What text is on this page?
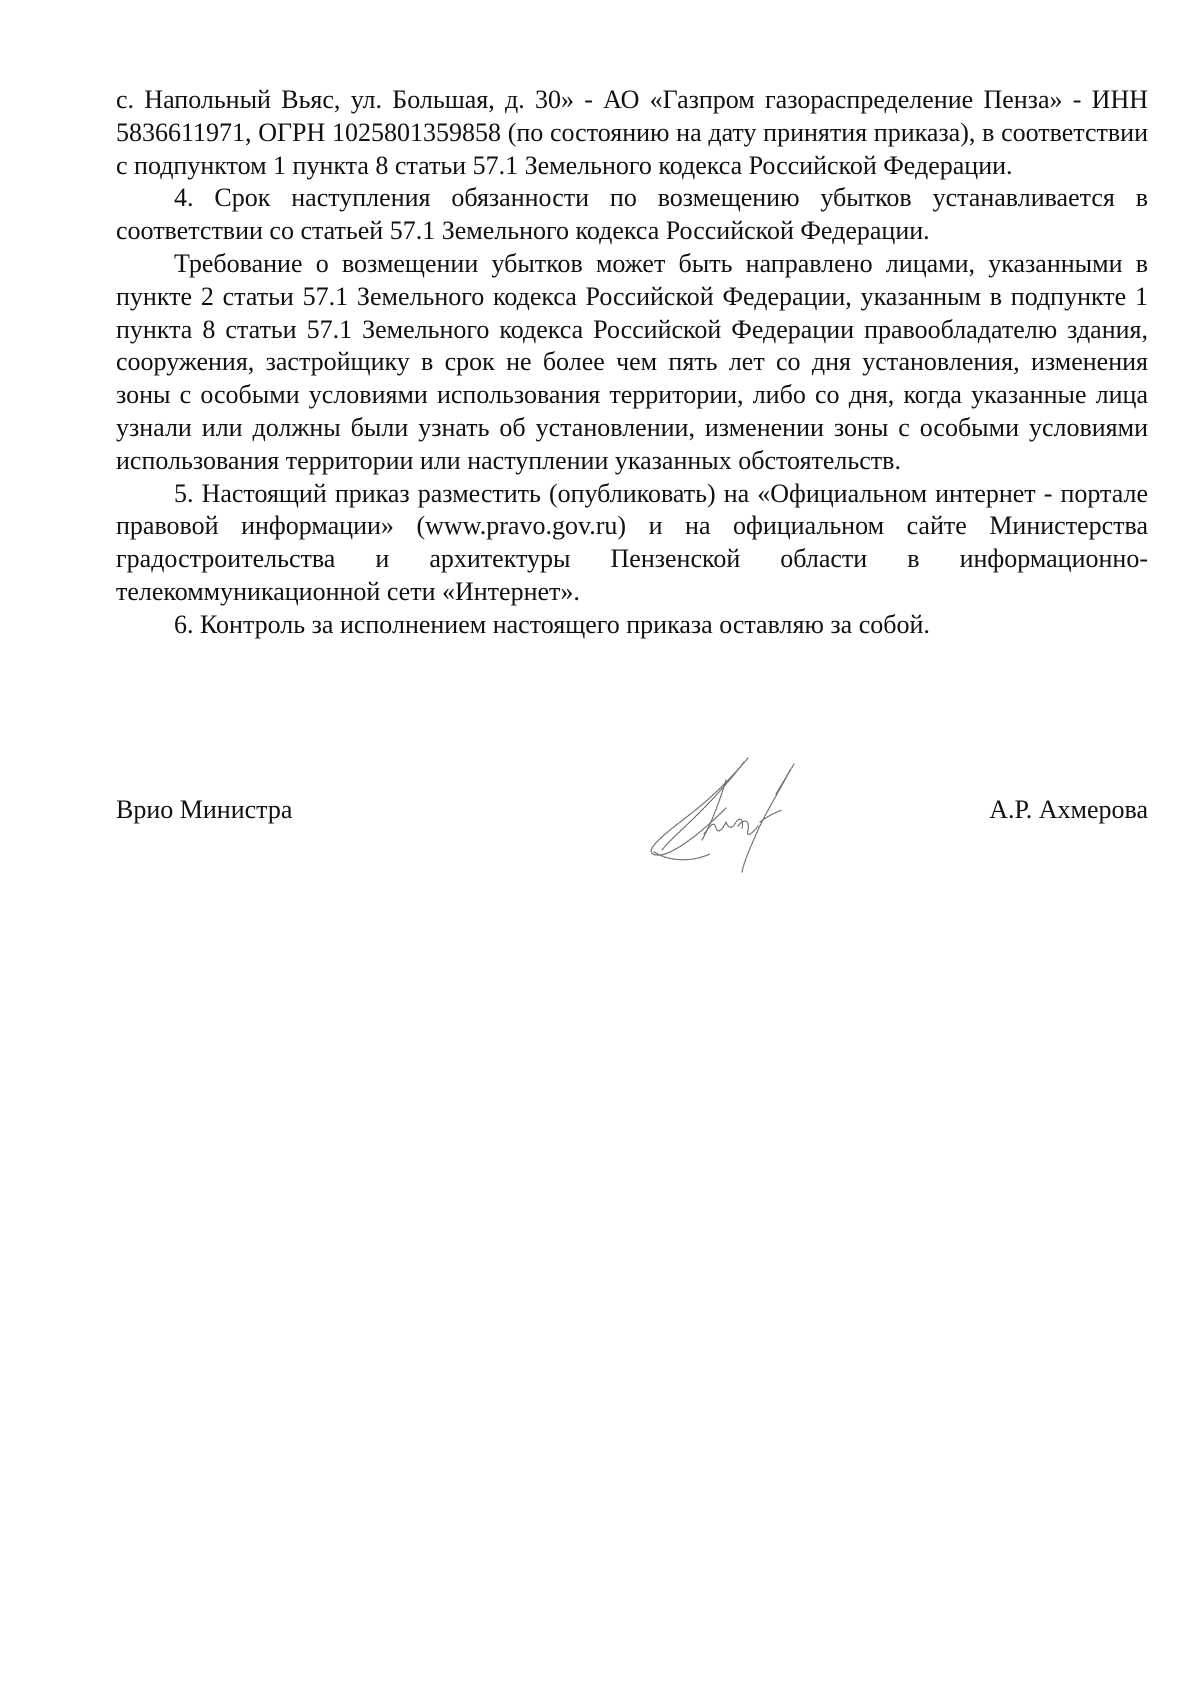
с. Напольный Вьяс, ул. Большая, д. 30» - АО «Газпром газораспределение Пенза» - ИНН 5836611971, ОГРН 1025801359858 (по состоянию на дату принятия приказа), в соответствии с подпунктом 1 пункта 8 статьи 57.1 Земельного кодекса Российской Федерации.

4. Срок наступления обязанности по возмещению убытков устанавливается в соответствии со статьей 57.1 Земельного кодекса Российской Федерации.

Требование о возмещении убытков может быть направлено лицами, указанными в пункте 2 статьи 57.1 Земельного кодекса Российской Федерации, указанным в подпункте 1 пункта 8 статьи 57.1 Земельного кодекса Российской Федерации правообладателю здания, сооружения, застройщику в срок не более чем пять лет со дня установления, изменения зоны с особыми условиями использования территории, либо со дня, когда указанные лица узнали или должны были узнать об установлении, изменении зоны с особыми условиями использования территории или наступлении указанных обстоятельств.

5. Настоящий приказ разместить (опубликовать) на «Официальном интернет - портале правовой информации» (www.pravo.gov.ru) и на официальном сайте Министерства градостроительства и архитектуры Пензенской области в информационно-телекоммуникационной сети «Интернет».

6. Контроль за исполнением настоящего приказа оставляю за собой.

Врио Министра	А.Р. Ахмерова
